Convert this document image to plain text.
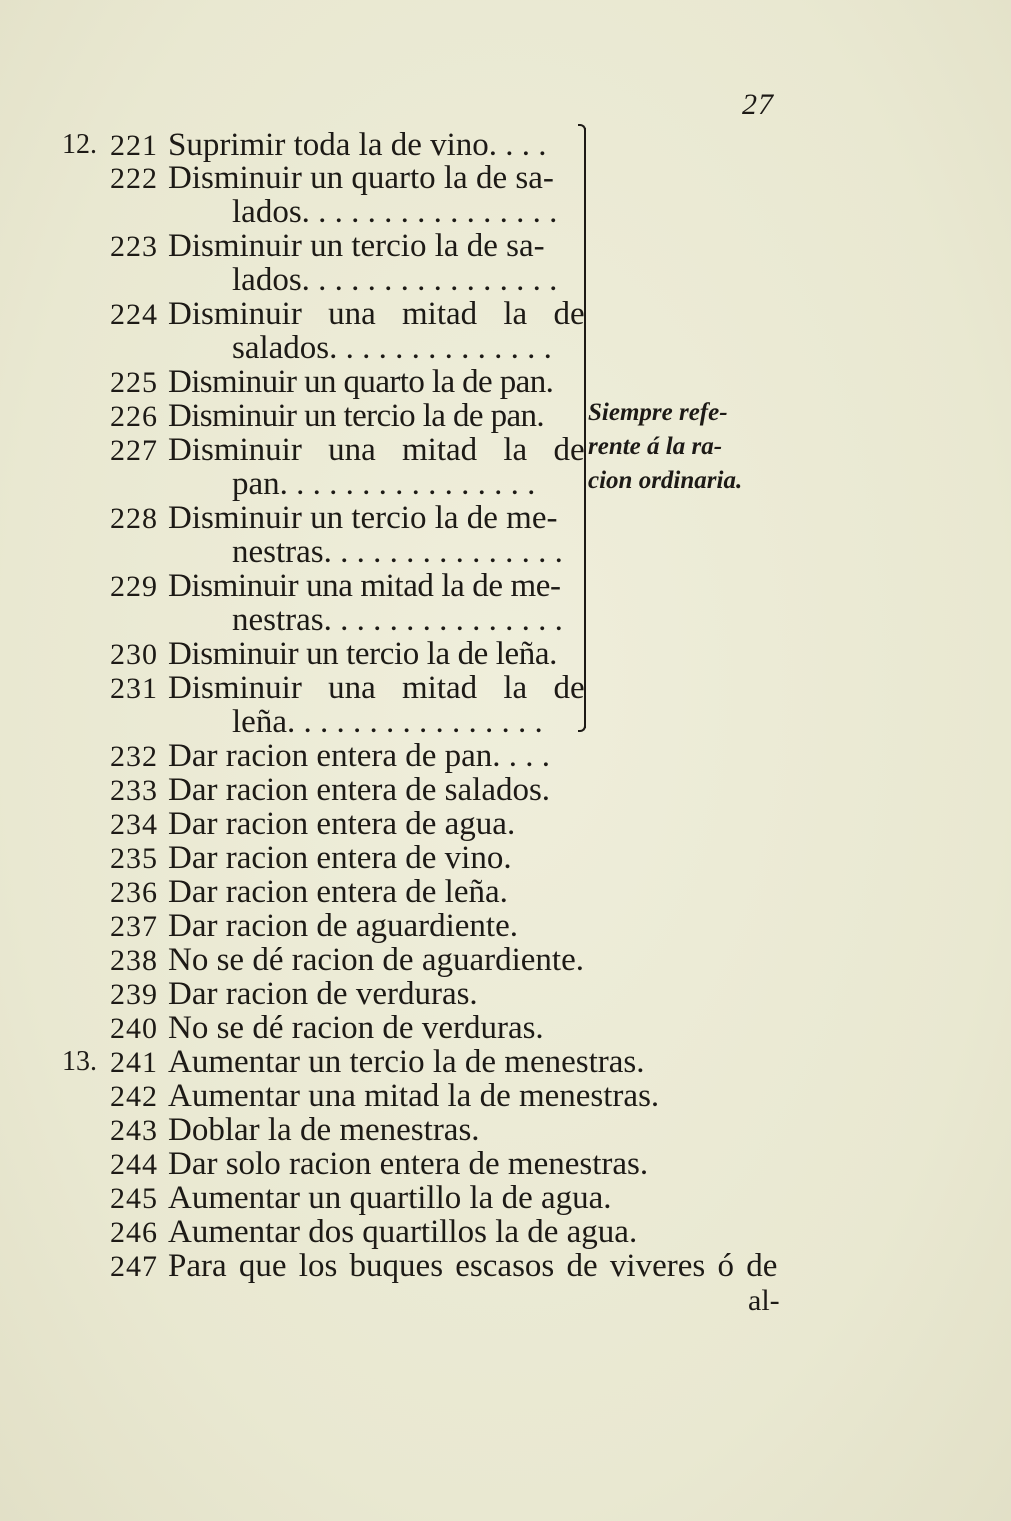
27
12.
13.
221 Suprimir toda la de vino. . . .
222 Disminuir un quarto la de sa-
lados. . . . . . . . . . . . . . . .
223 Disminuir un tercio la de sa-
lados. . . . . . . . . . . . . . . .
224 Disminuir una mitad la de
salados. . . . . . . . . . . . . .
225 Disminuir un quarto la de pan.
226 Disminuir un tercio la de pan.
227 Disminuir una mitad la de
pan. . . . . . . . . . . . . . . .
228 Disminuir un tercio la de me-
nestras. . . . . . . . . . . . . . .
229 Disminuir una mitad la de me-
nestras. . . . . . . . . . . . . . .
230 Disminuir un tercio la de leña.
231 Disminuir una mitad la de
leña. . . . . . . . . . . . . . . .
232 Dar racion entera de pan. . . .
233 Dar racion entera de salados.
234 Dar racion entera de agua.
235 Dar racion entera de vino.
236 Dar racion entera de leña.
237 Dar racion de aguardiente.
238 No se dé racion de aguardiente.
239 Dar racion de verduras.
240 No se dé racion de verduras.
241 Aumentar un tercio la de menestras.
242 Aumentar una mitad la de menestras.
243 Doblar la de menestras.
244 Dar solo racion entera de menestras.
245 Aumentar un quartillo la de agua.
246 Aumentar dos quartillos la de agua.
247 Para que los buques escasos de viveres ó de
Siempre refe-
rente á la ra-
cion ordinaria.
al-
